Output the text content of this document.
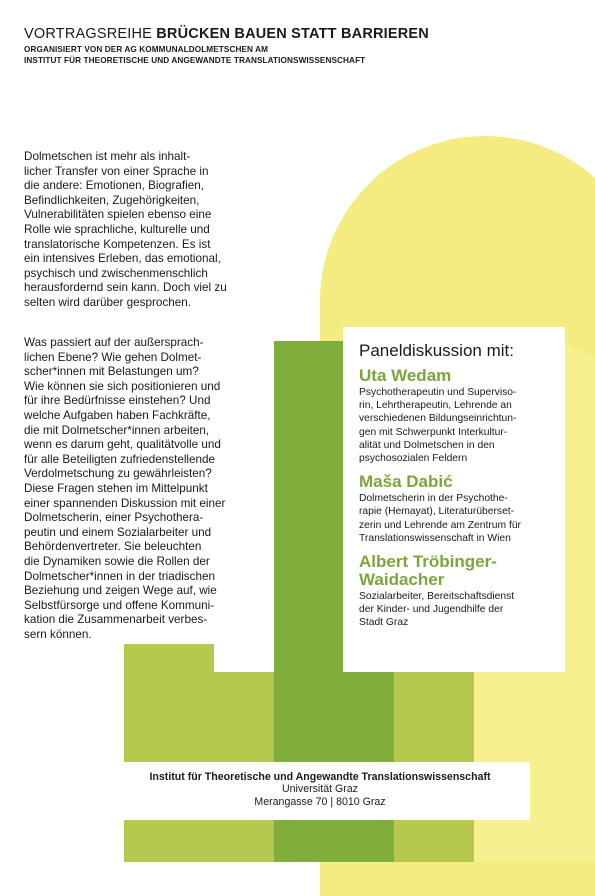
VORTRAGSREIHE BRÜCKEN BAUEN STATT BARRIEREN
ORGANISIERT VON DER AG KOMMUNALDOLMETSCHEN AM
INSTITUT FÜR THEORETISCHE UND ANGEWANDTE TRANSLATIONSWISSENSCHAFT

Dolmetschen ist mehr als inhalt-
licher Transfer von einer Sprache in
die andere: Emotionen, Biografien,
Befindlichkeiten, Zugehörigkeiten,
Vulnerabilitäten spielen ebenso eine
Rolle wie sprachliche, kulturelle und
translatorische Kompetenzen. Es ist
ein intensives Erleben, das emotional,
psychisch und zwischenmenschlich
herausfordernd sein kann. Doch viel zu
selten wird darüber gesprochen.

Was passiert auf der außersprach-
lichen Ebene? Wie gehen Dolmet-
scher*innen mit Belastungen um?
Wie können sie sich positionieren und
für ihre Bedürfnisse einstehen? Und
welche Aufgaben haben Fachkräfte,
die mit Dolmetscher*innen arbeiten,
wenn es darum geht, qualitätvolle und
für alle Beteiligten zufriedenstellende
Verdolmetschung zu gewährleisten?
Diese Fragen stehen im Mittelpunkt
einer spannenden Diskussion mit einer
Dolmetscherin, einer Psychothera-
peutin und einem Sozialarbeiter und
Behördenvertreter. Sie beleuchten
die Dynamiken sowie die Rollen der
Dolmetscher*innen in der triadischen
Beziehung und zeigen Wege auf, wie
Selbstfürsorge und offene Kommuni-
kation die Zusammenarbeit verbes-
sern können.

Paneldiskussion mit:
Uta Wedam
Psychotherapeutin und Superviso-
rin, Lehrtherapeutin, Lehrende an
verschiedenen Bildungseinrichtun-
gen mit Schwerpunkt Interkultur-
alität und Dolmetschen in den
psychosozialen Feldern
Maša Dabić
Dolmetscherin in der Psychothe-
rapie (Hemayat), Literaturüberset-
zerin und Lehrende am Zentrum für
Translationswissenschaft in Wien
Albert Tröbinger-
Waidacher
Sozialarbeiter, Bereitschaftsdienst
der Kinder- und Jugendhilfe der
Stadt Graz
Institut für Theoretische und Angewandte Translationswissenschaft
Universität Graz
Merangasse 70 | 8010 Graz
